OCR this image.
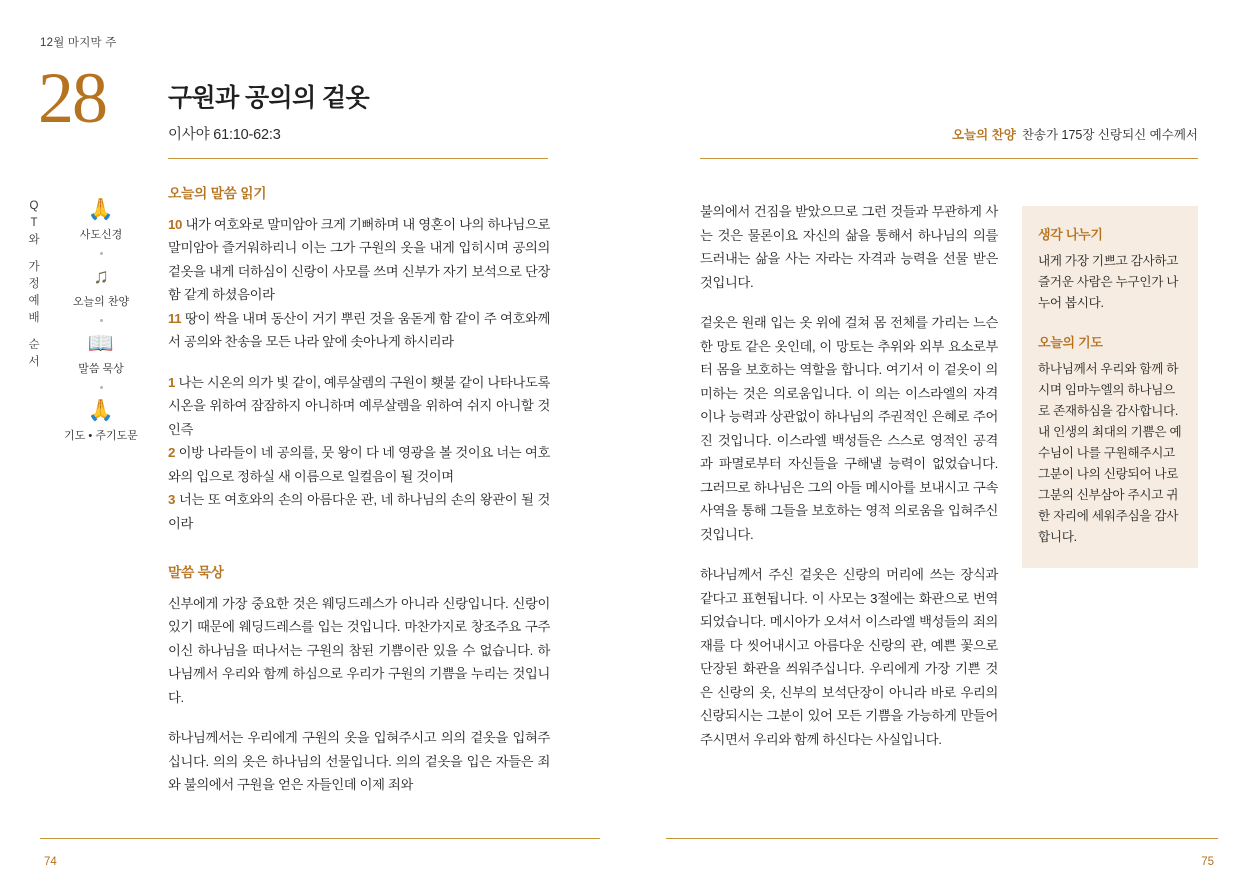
12월 마지막 주
28 구원과 공의의 겉옷
이사야 61:10-62:3	오늘의 찬양 찬송가 175장 신랑되신 예수께서
Q
T
와
가
정
예
배
순
서
🙏
사도신경
♫
오늘의 찬양
📖
말씀 묵상
🙏
기도 • 주기도문
오늘의 말씀 읽기

10 내가 여호와로 말미암아 크게 기뻐하며 내 영혼이 나의 하나님으로 말미암아 즐거워하리니 이는 그가 구원의 옷을 내게 입히시며 공의의 겉옷을 내게 더하심이 신랑이 사모를 쓰며 신부가 자기 보석으로 단장함 같게 하셨음이라

11 땅이 싹을 내며 동산이 거기 뿌린 것을 움돋게 함 같이 주 여호와께서 공의와 찬송을 모든 나라 앞에 솟아나게 하시리라

1 나는 시온의 의가 빛 같이, 예루살렘의 구원이 횃불 같이 나타나도록 시온을 위하여 잠잠하지 아니하며 예루살렘을 위하여 쉬지 아니할 것인즉

2 이방 나라들이 네 공의를, 뭇 왕이 다 네 영광을 볼 것이요 너는 여호와의 입으로 정하실 새 이름으로 일컬음이 될 것이며

3 너는 또 여호와의 손의 아름다운 관, 네 하나님의 손의 왕관이 될 것이라

말씀 묵상

신부에게 가장 중요한 것은 웨딩드레스가 아니라 신랑입니다. 신랑이 있기 때문에 웨딩드레스를 입는 것입니다. 마찬가지로 창조주요 구주이신 하나님을 떠나서는 구원의 참된 기쁨이란 있을 수 없습니다. 하나님께서 우리와 함께 하심으로 우리가 구원의 기쁨을 누리는 것입니다.

하나님께서는 우리에게 구원의 옷을 입혀주시고 의의 겉옷을 입혀주십니다. 의의 옷은 하나님의 선물입니다. 의의 겉옷을 입은 자들은 죄와 불의에서 구원을 얻은 자들인데 이제 죄와

불의에서 건짐을 받았으므로 그런 것들과 무관하게 사는 것은 물론이요 자신의 삶을 통해서 하나님의 의를 드러내는 삶을 사는 자라는 자격과 능력을 선물 받은 것입니다.

겉옷은 원래 입는 옷 위에 걸쳐 몸 전체를 가리는 느슨한 망토 같은 옷인데, 이 망토는 추위와 외부 요소로부터 몸을 보호하는 역할을 합니다. 여기서 이 겉옷이 의미하는 것은 의로움입니다. 이 의는 이스라엘의 자격이나 능력과 상관없이 하나님의 주권적인 은혜로 주어진 것입니다. 이스라엘 백성들은 스스로 영적인 공격과 파멸로부터 자신들을 구해낼 능력이 없었습니다. 그러므로 하나님은 그의 아들 메시아를 보내시고 구속 사역을 통해 그들을 보호하는 영적 의로움을 입혀주신 것입니다.

하나님께서 주신 겉옷은 신랑의 머리에 쓰는 장식과 같다고 표현됩니다. 이 사모는 3절에는 화관으로 번역되었습니다. 메시아가 오셔서 이스라엘 백성들의 죄의 재를 다 씻어내시고 아름다운 신랑의 관, 예쁜 꽃으로 단장된 화관을 씌워주십니다. 우리에게 가장 기쁜 것은 신랑의 옷, 신부의 보석단장이 아니라 바로 우리의 신랑되시는 그분이 있어 모든 기쁨을 가능하게 만들어주시면서 우리와 함께 하신다는 사실입니다.

생각 나누기
내게 가장 기쁘고 감사하고 즐거운 사람은 누구인가 나누어 봅시다.
오늘의 기도
하나님께서 우리와 함께 하시며 임마누엘의 하나님으로 존재하심을 감사합니다. 내 인생의 최대의 기쁨은 예수님이 나를 구원해주시고 그분이 나의 신랑되어 나로 그분의 신부삼아 주시고 귀한 자리에 세워주심을 감사합니다.
74	75
